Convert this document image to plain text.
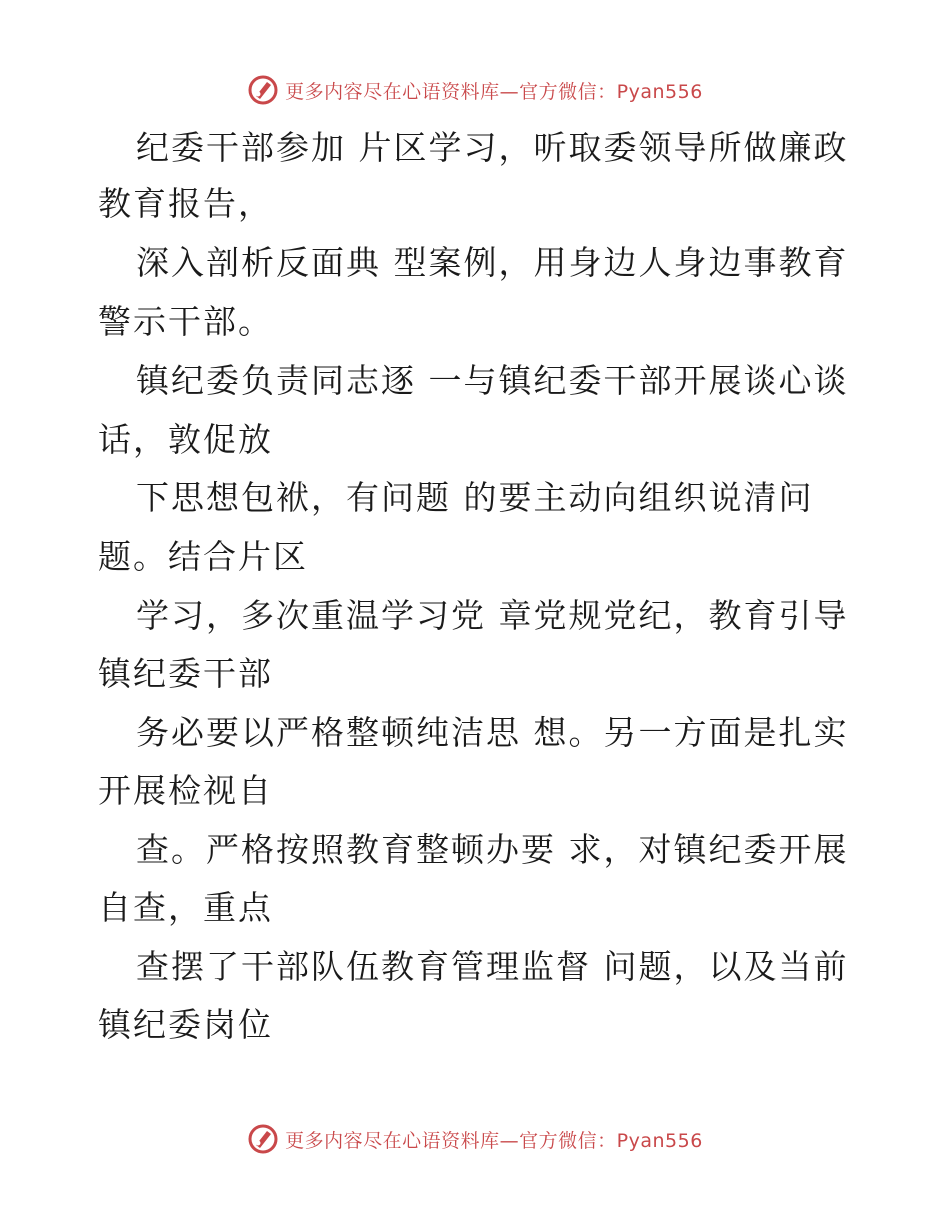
更多内容尽在心语资料库—官方微信：Pyan556
纪委干部参加 片区学习，听取委领导所做廉政
教育报告，
深入剖析反面典 型案例，用身边人身边事教育
警示干部。
镇纪委负责同志逐 一与镇纪委干部开展谈心谈
话，敦促放
下思想包袱，有问题 的要主动向组织说清问
题。结合片区
学习，多次重温学习党 章党规党纪，教育引导
镇纪委干部
务必要以严格整顿纯洁思 想。另一方面是扎实
开展检视自
查。严格按照教育整顿办要 求，对镇纪委开展
自查，重点
查摆了干部队伍教育管理监督 问题，以及当前
镇纪委岗位
更多内容尽在心语资料库—官方微信：Pyan556
